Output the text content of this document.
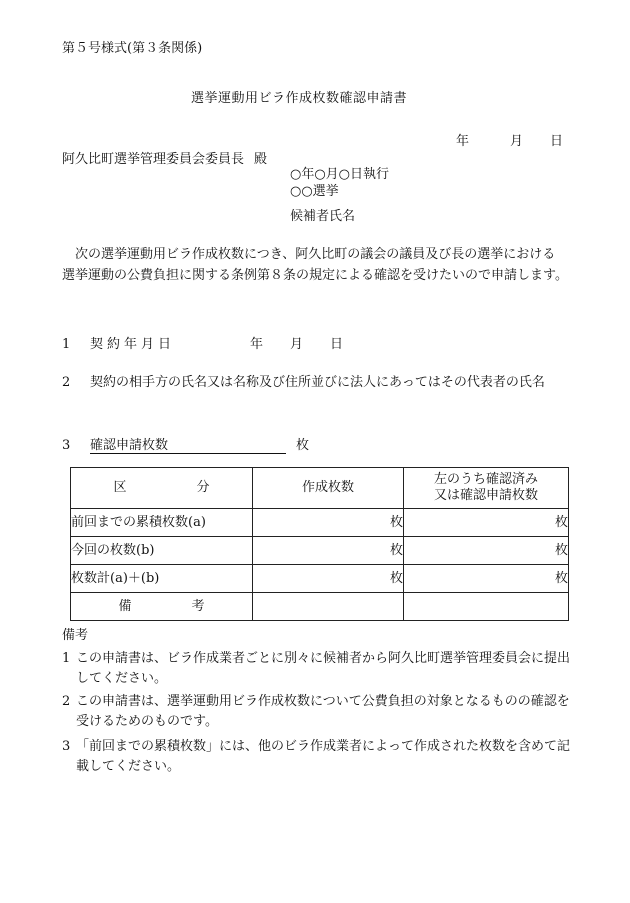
第５号様式(第３条関係)
選挙運動用ビラ作成枚数確認申請書
年	月 日
阿久比町選挙管理委員会委員長 殿
○年○月○日執行
○○選挙
候補者氏名
次の選挙運動用ビラ作成枚数につき、阿久比町の議会の議員及び長の選挙における選挙運動の公費負担に関する条例第８条の規定による確認を受けたいので申請します。
1 契約年月日	年 月 日
2 契約の相手方の氏名又は名称及び住所並びに法人にあってはその代表者の氏名
3 確認申請枚数	枚
区 分	作成枚数	左のうち確認済み
又は確認申請枚数

前回までの累積枚数(a)	枚	枚
今回の枚数(b)	枚	枚
枚数計(a)＋(b)	枚	枚
備 考		
備考
1 この申請書は、ビラ作成業者ごとに別々に候補者から阿久比町選挙管理委員会に提出してください。
2 この申請書は、選挙運動用ビラ作成枚数について公費負担の対象となるものの確認を受けるためのものです。
3 「前回までの累積枚数」には、他のビラ作成業者によって作成された枚数を含めて記載してください。
